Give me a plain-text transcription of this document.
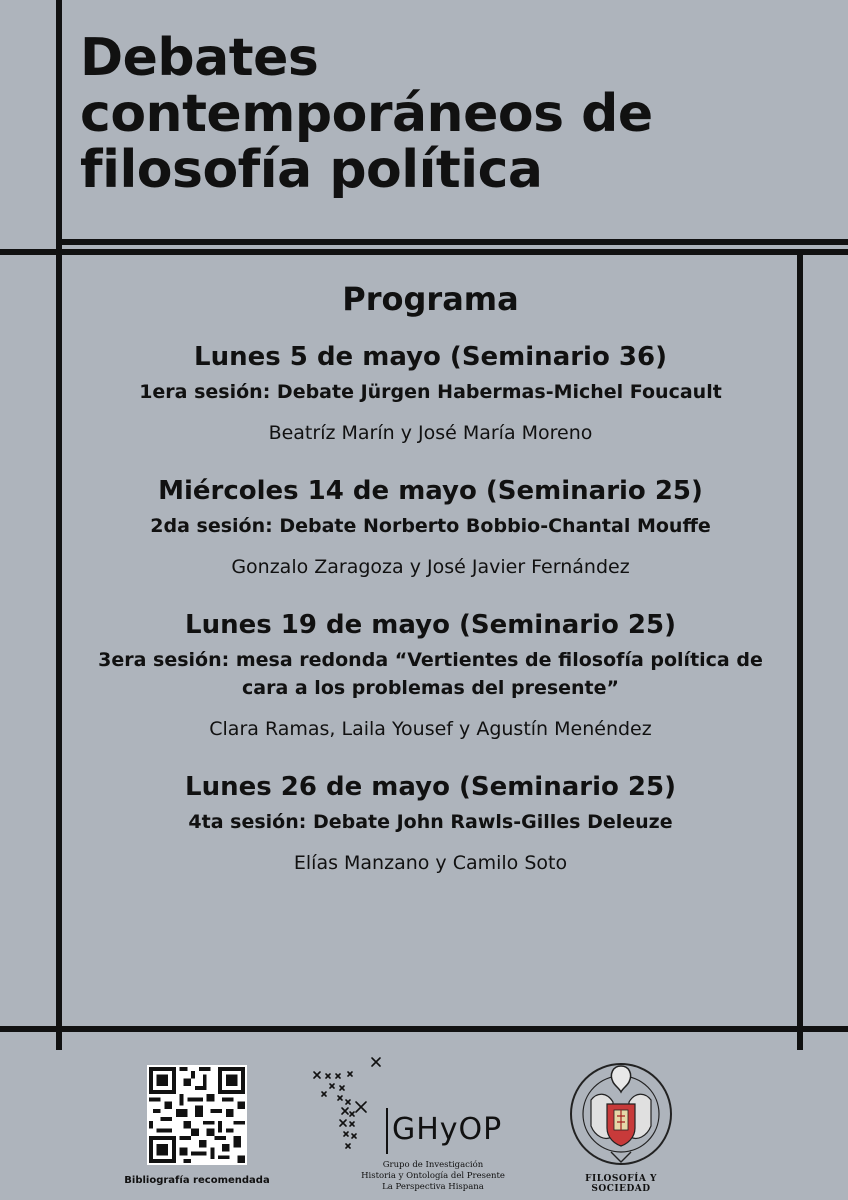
Debates
contemporáneos de
filosofía política
Programa

Lunes 5 de mayo (Seminario 36)

1era sesión: Debate Jürgen Habermas-Michel Foucault

Beatríz Marín y José María Moreno

Miércoles 14 de mayo (Seminario 25)

2da sesión: Debate Norberto Bobbio-Chantal Mouffe

Gonzalo Zaragoza y José Javier Fernández

Lunes 19 de mayo (Seminario 25)

3era sesión: mesa redonda “Vertientes de filosofía política de cara a los problemas del presente”

Clara Ramas, Laila Yousef y Agustín Menéndez

Lunes 26 de mayo (Seminario 25)

4ta sesión: Debate John Rawls-Gilles Deleuze

Elías Manzano y Camilo Soto

Bibliografía recomendada
GHyOP
Grupo de Investigación
Historia y Ontología del Presente
La Perspectiva Hispana
FILOSOFÍA Y SOCIEDAD
